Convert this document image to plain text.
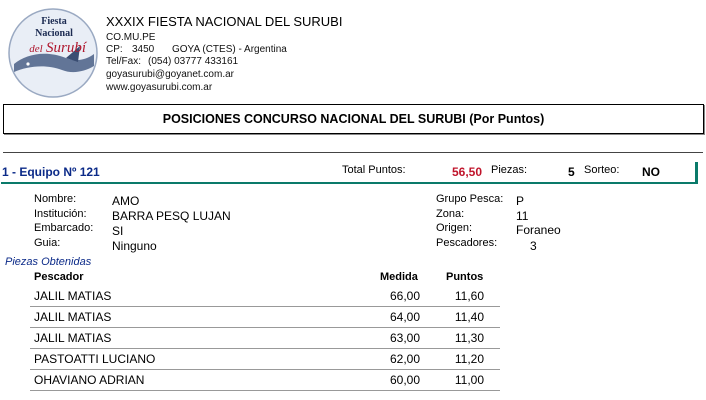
Fiesta
Nacional
del Surubí
XXXIX FIESTA NACIONAL DEL SURUBI
CO.MU.PE
CP: 3450 GOYA (CTES) - Argentina
Tel/Fax: (054) 03777 433161
goyasurubi@goyanet.com.ar
www.goyasurubi.com.ar
POSICIONES CONCURSO NACIONAL DEL SURUBI (Por Puntos)
1 - Equipo Nº 121	Total Puntos:	56,50 Piezas:	5 Sorteo: NO
Nombre:	AMO
Institución: BARRA PESQ LUJAN
Embarcado: SI
Guia:	Ninguno
Grupo Pesca: P
Zona:	11
Origen:	Foraneo
Pescadores:	3
Piezas Obtenidas
Pescador	Medida	Puntos
JALIL MATIAS	66,00	11,60
JALIL MATIAS	64,00	11,40
JALIL MATIAS	63,00	11,30
PASTOATTI LUCIANO	62,00	11,20
OHAVIANO ADRIAN	60,00	11,00
